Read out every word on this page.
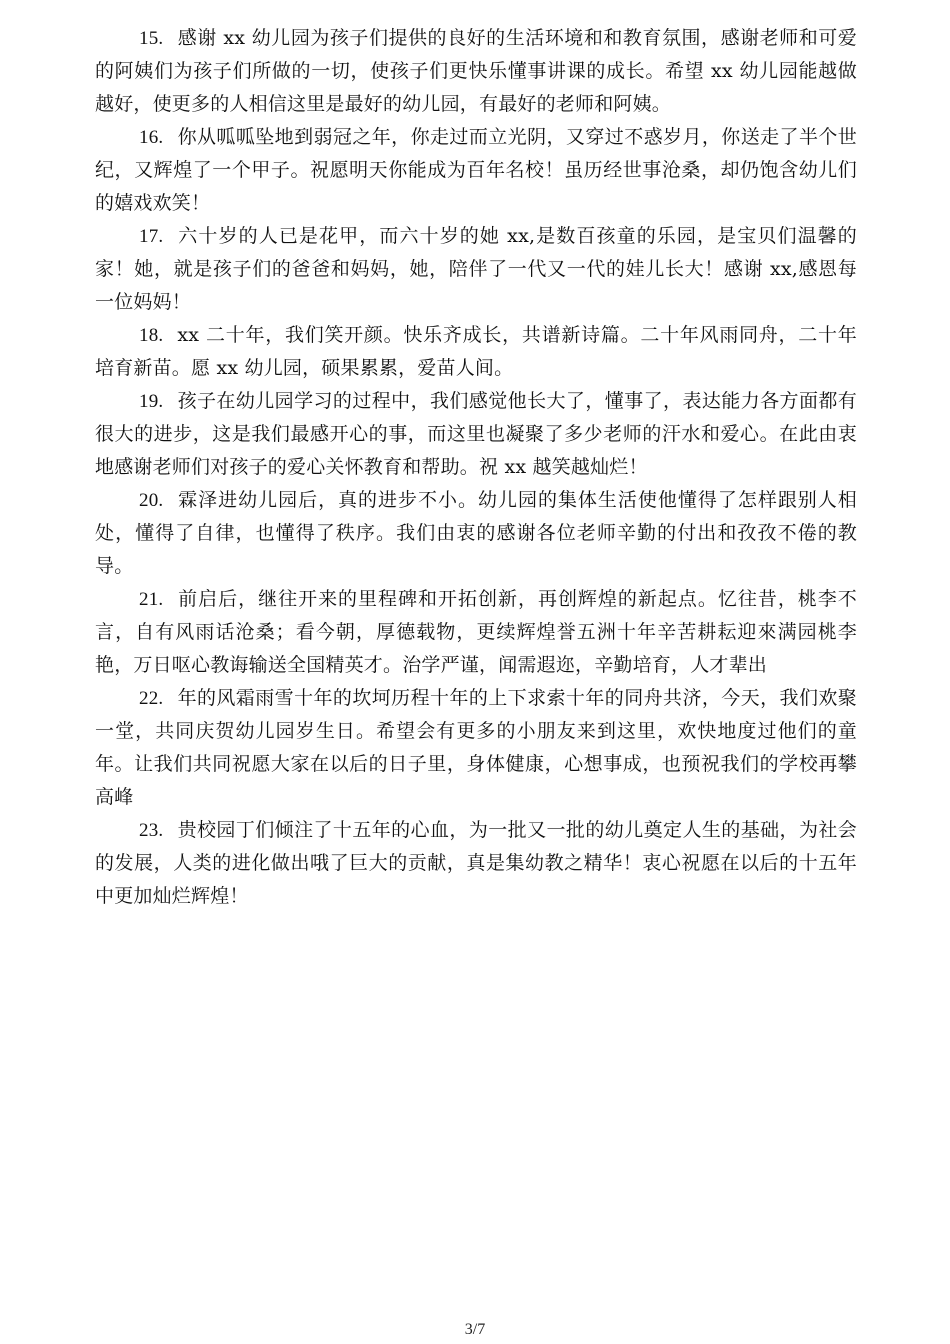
15. 感谢 xx 幼儿园为孩子们提供的良好的生活环境和和教育氛围，感谢老师和可爱的阿姨们为孩子们所做的一切，使孩子们更快乐懂事讲课的成长。希望 xx 幼儿园能越做越好，使更多的人相信这里是最好的幼儿园，有最好的老师和阿姨。

16. 你从呱呱坠地到弱冠之年，你走过而立光阴，又穿过不惑岁月，你送走了半个世纪，又辉煌了一个甲子。祝愿明天你能成为百年名校！虽历经世事沧桑，却仍饱含幼儿们的嬉戏欢笑！

17. 六十岁的人已是花甲，而六十岁的她 xx,是数百孩童的乐园，是宝贝们温馨的家！她，就是孩子们的爸爸和妈妈，她，陪伴了一代又一代的娃儿长大！感谢 xx,感恩每一位妈妈！

18. xx 二十年，我们笑开颜。快乐齐成长，共谱新诗篇。二十年风雨同舟，二十年培育新苗。愿 xx 幼儿园，硕果累累，爱苗人间。

19. 孩子在幼儿园学习的过程中，我们感觉他长大了，懂事了，表达能力各方面都有很大的进步，这是我们最感开心的事，而这里也凝聚了多少老师的汗水和爱心。在此由衷地感谢老师们对孩子的爱心关怀教育和帮助。祝 xx 越笑越灿烂！

20. 霖泽进幼儿园后，真的进步不小。幼儿园的集体生活使他懂得了怎样跟别人相处，懂得了自律，也懂得了秩序。我们由衷的感谢各位老师辛勤的付出和孜孜不倦的教导。

21. 前启后，继往开来的里程碑和开拓创新，再创辉煌的新起点。忆往昔，桃李不言，自有风雨话沧桑；看今朝，厚德载物，更续辉煌誉五洲十年辛苦耕耘迎來满园桃李艳，万日呕心教诲输送全国精英才。治学严谨，闻需遐迩，辛勤培育，人才辈出

22. 年的风霜雨雪十年的坎坷历程十年的上下求索十年的同舟共济，今天，我们欢聚一堂，共同庆贺幼儿园岁生日。希望会有更多的小朋友来到这里，欢快地度过他们的童年。让我们共同祝愿大家在以后的日子里，身体健康，心想事成，也预祝我们的学校再攀高峰

23. 贵校园丁们倾注了十五年的心血，为一批又一批的幼儿奠定人生的基础，为社会的发展，人类的进化做出哦了巨大的贡献，真是集幼教之精华！衷心祝愿在以后的十五年中更加灿烂辉煌！

3/7
